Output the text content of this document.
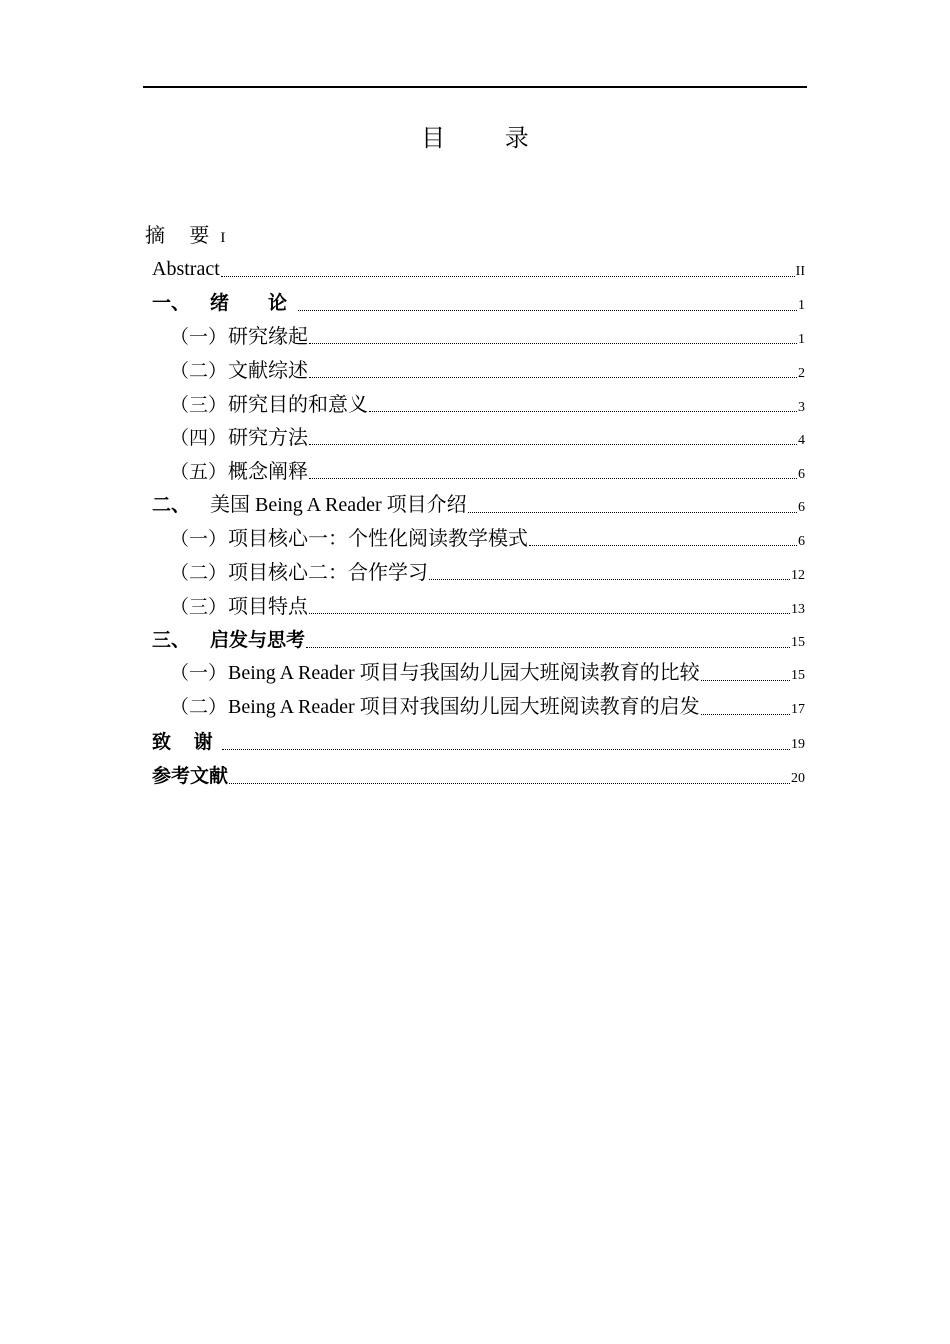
目 录
摘 要 I
Abstract	II
一、	绪　论	1
（一） 研究缘起	1
（二） 文献综述	2
（三） 研究目的和意义	3
（四） 研究方法	4
（五） 概念阐释	6
二、 美国 Being A Reader 项目介绍	6
（一） 项目核心一：个性化阅读教学模式	6
（二） 项目核心二：合作学习	12
（三） 项目特点	13
三、	启发与思考	15
（一） Being A Reader 项目与我国幼儿园大班阅读教育的比较	15
（二） Being A Reader 项目对我国幼儿园大班阅读教育的启发	17
致 谢	19
参考文献	20
